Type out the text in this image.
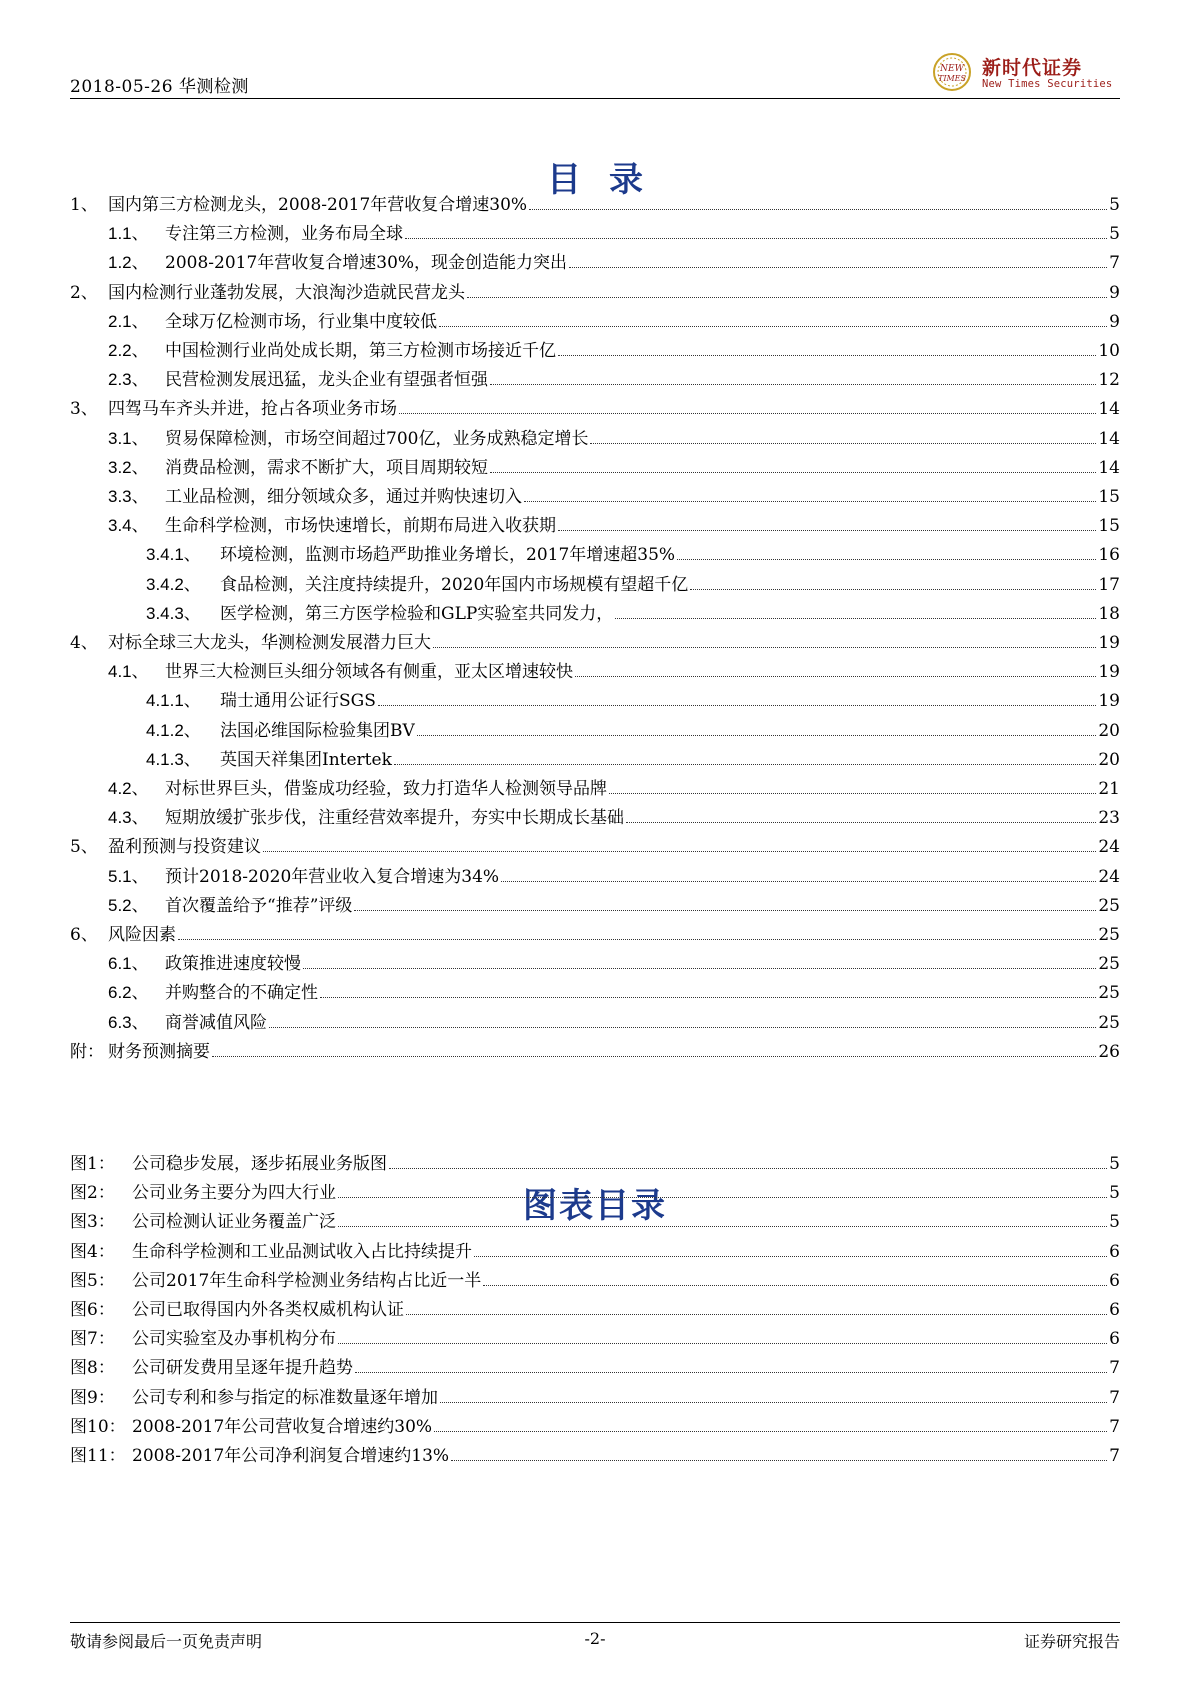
2018-05-26 华测检测
NEW
TIMES 新时代证券
New Times Securities
目录
1、 国内第三方检测龙头，2008-2017年营收复合增速30%	5
1.1、 专注第三方检测，业务布局全球	5
1.2、 2008-2017年营收复合增速30%，现金创造能力突出	7
2、 国内检测行业蓬勃发展，大浪淘沙造就民营龙头	9
2.1、 全球万亿检测市场，行业集中度较低	9
2.2、 中国检测行业尚处成长期，第三方检测市场接近千亿	10
2.3、 民营检测发展迅猛，龙头企业有望强者恒强	12
3、 四驾马车齐头并进，抢占各项业务市场	14
3.1、 贸易保障检测，市场空间超过700亿，业务成熟稳定增长	14
3.2、 消费品检测，需求不断扩大，项目周期较短	14
3.3、 工业品检测，细分领域众多，通过并购快速切入	15
3.4、 生命科学检测，市场快速增长，前期布局进入收获期	15
3.4.1、 环境检测，监测市场趋严助推业务增长，2017年增速超35%	16
3.4.2、 食品检测，关注度持续提升，2020年国内市场规模有望超千亿	17
3.4.3、 医学检测，第三方医学检验和GLP实验室共同发力，	18
4、 对标全球三大龙头，华测检测发展潜力巨大	19
4.1、 世界三大检测巨头细分领域各有侧重，亚太区增速较快	19
4.1.1、 瑞士通用公证行SGS	19
4.1.2、 法国必维国际检验集团BV	20
4.1.3、 英国天祥集团Intertek	20
4.2、 对标世界巨头，借鉴成功经验，致力打造华人检测领导品牌	21
4.3、 短期放缓扩张步伐，注重经营效率提升，夯实中长期成长基础	23
5、 盈利预测与投资建议	24
5.1、 预计2018-2020年营业收入复合增速为34%	24
5.2、 首次覆盖给予“推荐”评级	25
6、 风险因素	25
6.1、 政策推进速度较慢	25
6.2、 并购整合的不确定性	25
6.3、 商誉减值风险	25
附： 财务预测摘要	26
图表目录
图1： 公司稳步发展，逐步拓展业务版图	5
图2： 公司业务主要分为四大行业	5
图3： 公司检测认证业务覆盖广泛	5
图4： 生命科学检测和工业品测试收入占比持续提升	6
图5： 公司2017年生命科学检测业务结构占比近一半	6
图6： 公司已取得国内外各类权威机构认证	6
图7： 公司实验室及办事机构分布	6
图8： 公司研发费用呈逐年提升趋势	7
图9： 公司专利和参与指定的标准数量逐年增加	7
图10： 2008-2017年公司营收复合增速约30%	7
图11： 2008-2017年公司净利润复合增速约13%	7
敬请参阅最后一页免责声明	-2-	证券研究报告
